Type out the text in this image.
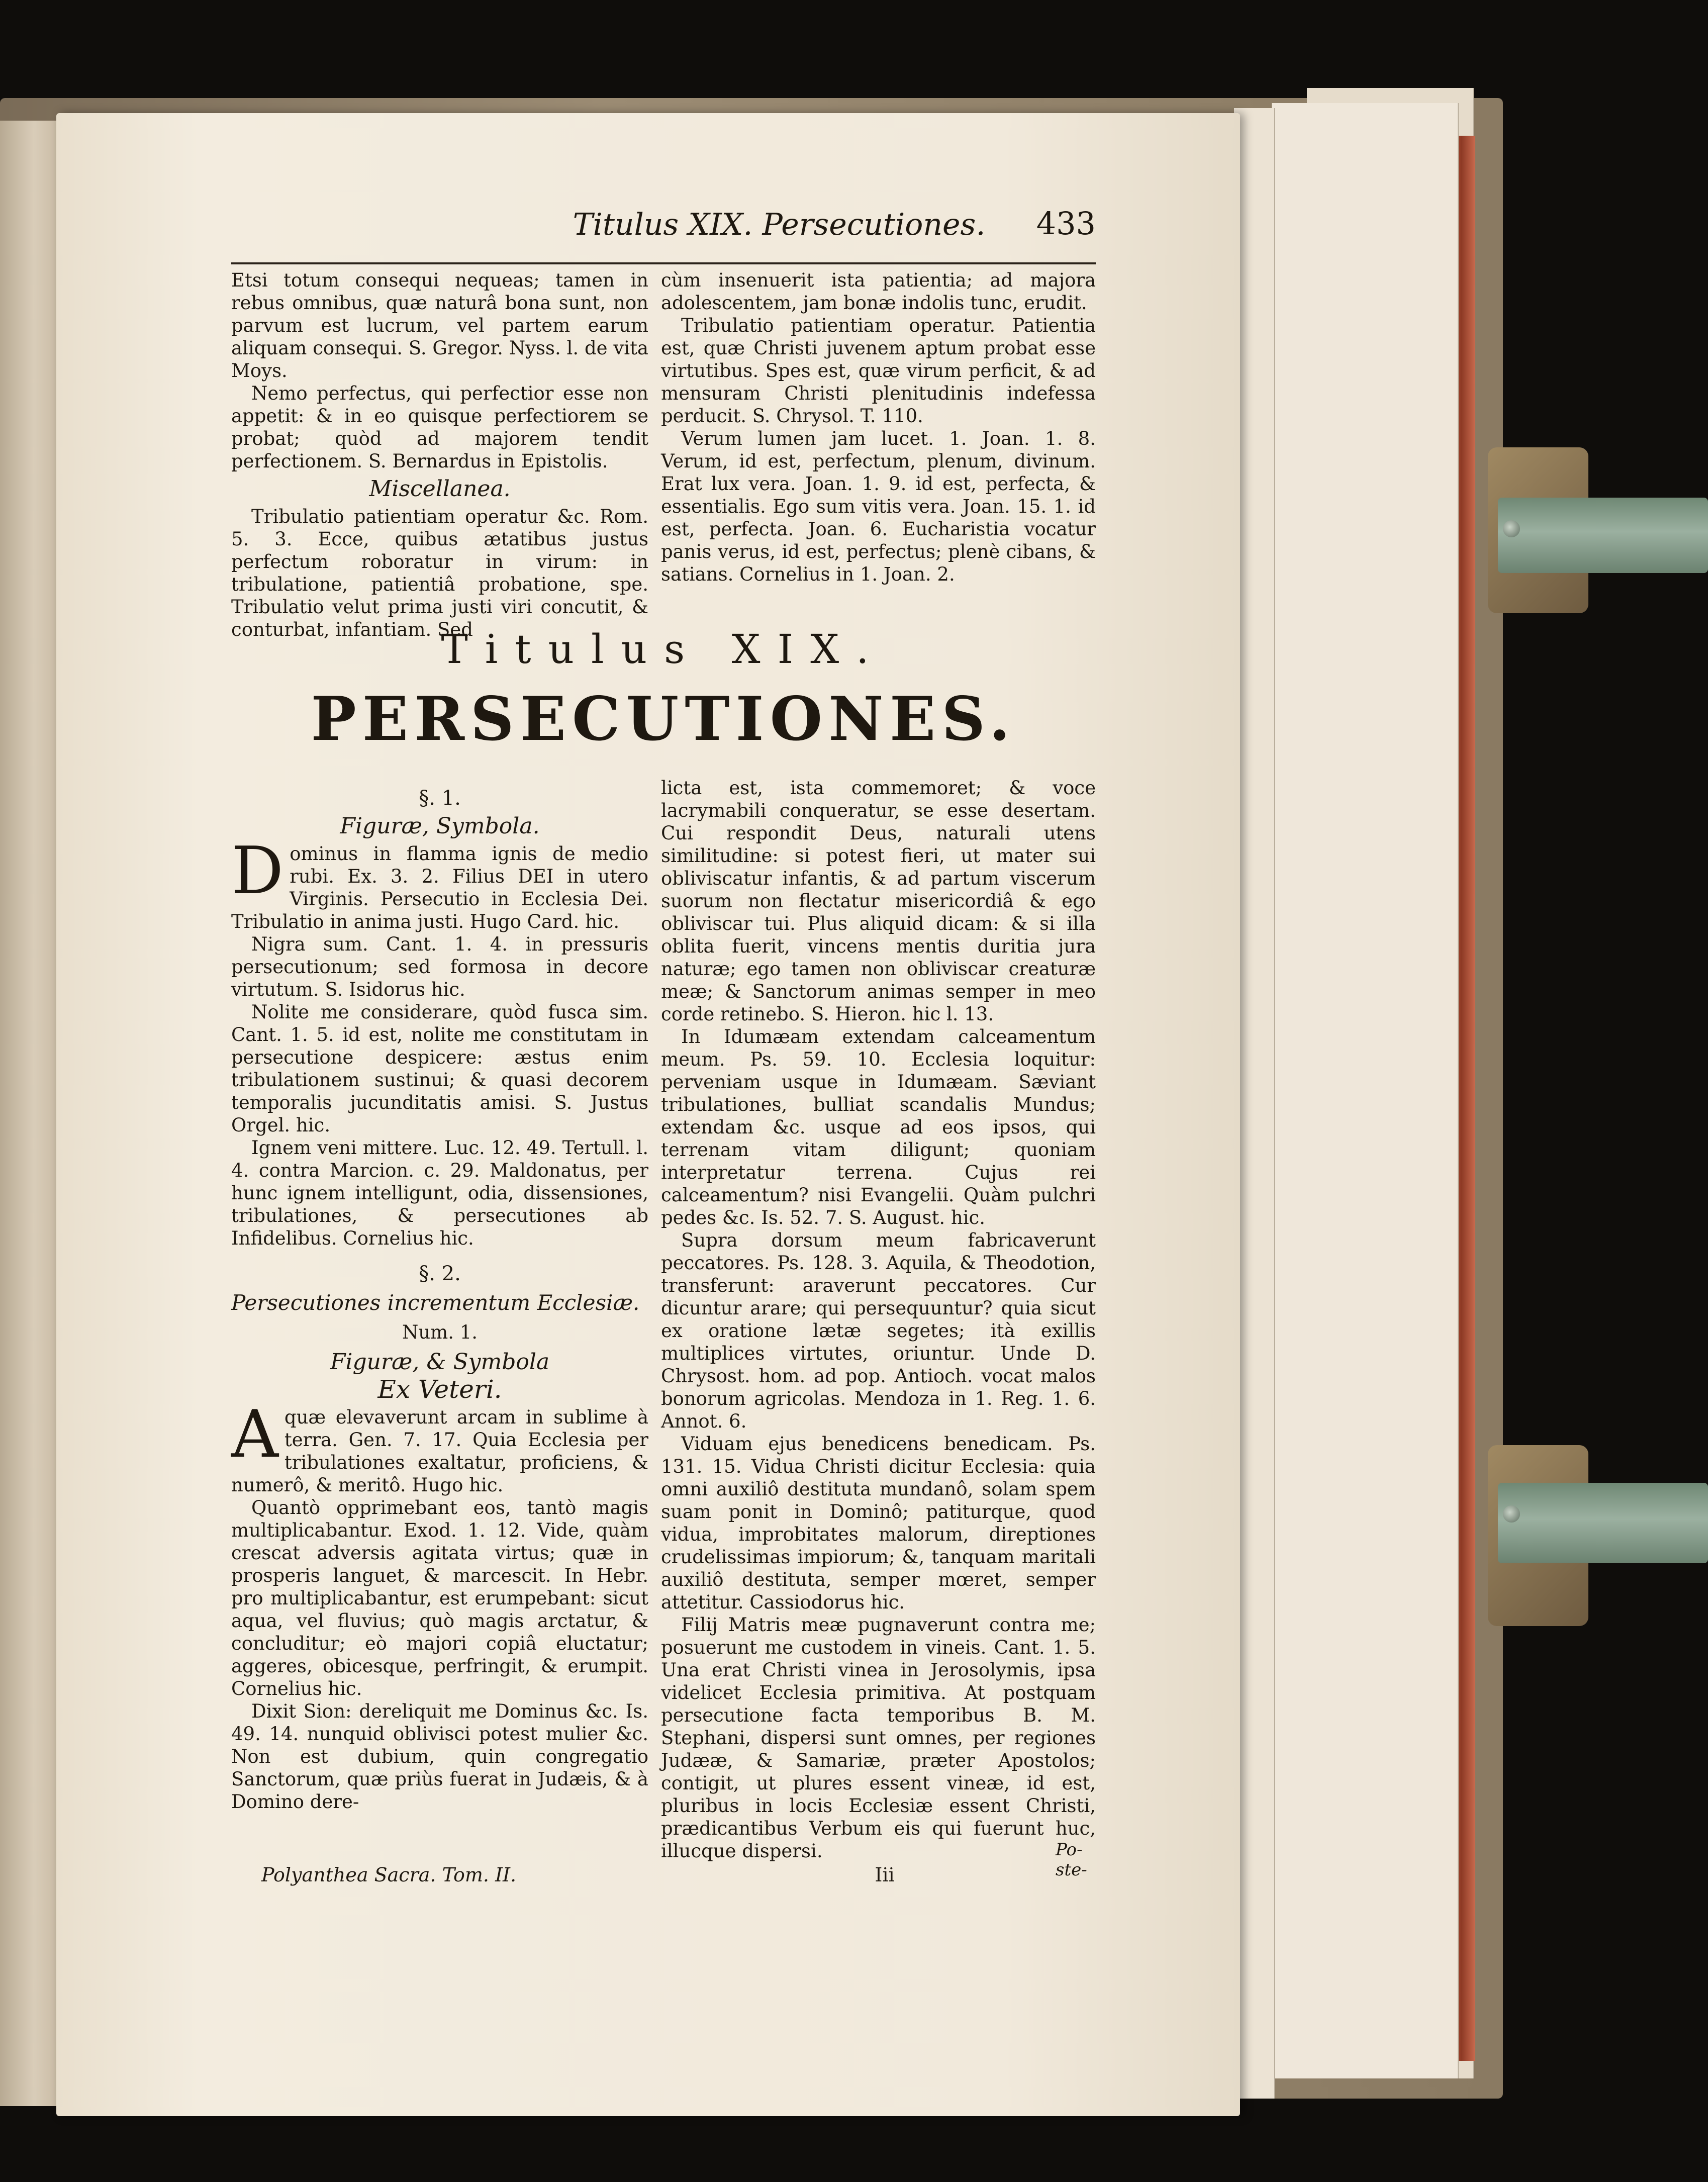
Titulus XIX. Persecutiones.	433

Etsi totum consequi nequeas; tamen in rebus omnibus, quæ naturâ bona sunt, non parvum est lucrum, vel partem earum aliquam consequi. S. Gregor. Nyss. l. de vita Moys.

Nemo perfectus, qui perfectior esse non appetit: & in eo quisque perfectiorem se probat; quòd ad majorem tendit perfectionem. S. Bernardus in Epistolis.

Miscellanea.

Tribulatio patientiam operatur &c. Rom. 5. 3. Ecce, quibus ætatibus justus perfectum roboratur in virum: in tribulatione, patientiâ probatione, spe. Tribulatio velut prima justi viri concutit, & conturbat, infantiam. Sed

cùm insenuerit ista patientia; ad majora adolescentem, jam bonæ indolis tunc, erudit.

Tribulatio patientiam operatur. Patientia est, quæ Christi juvenem aptum probat esse virtutibus. Spes est, quæ virum perficit, & ad mensuram Christi plenitudinis indefessa perducit. S. Chrysol. T. 110.

Verum lumen jam lucet. 1. Joan. 1. 8. Verum, id est, perfectum, plenum, divinum. Erat lux vera. Joan. 1. 9. id est, perfecta, & essentialis. Ego sum vitis vera. Joan. 15. 1. id est, perfecta. Joan. 6. Eucharistia vocatur panis verus, id est, perfectus; plenè cibans, & satians. Cornelius in 1. Joan. 2.

Titulus XIX.
PERSECUTIONES.
§. 1.
Figuræ, Symbola.

Dominus in flamma ignis de medio rubi. Ex. 3. 2. Filius DEI in utero Virginis. Persecutio in Ecclesia Dei. Tribulatio in anima justi. Hugo Card. hic.

Nigra sum. Cant. 1. 4. in pressuris persecutionum; sed formosa in decore virtutum. S. Isidorus hic.

Nolite me considerare, quòd fusca sim. Cant. 1. 5. id est, nolite me constitutam in persecutione despicere: æstus enim tribulationem sustinui; & quasi decorem temporalis jucunditatis amisi. S. Justus Orgel. hic.

Ignem veni mittere. Luc. 12. 49. Tertull. l. 4. contra Marcion. c. 29. Maldonatus, per hunc ignem intelligunt, odia, dissensiones, tribulationes, & persecutiones ab Infidelibus. Cornelius hic.

§. 2.
Persecutiones incrementum Ecclesiæ.
Num. 1.
Figuræ, & Symbola
Ex Veteri.

Aquæ elevaverunt arcam in sublime à terra. Gen. 7. 17. Quia Ecclesia per tribulationes exaltatur, proficiens, & numerô, & meritô. Hugo hic.

Quantò opprimebant eos, tantò magis multiplicabantur. Exod. 1. 12. Vide, quàm crescat adversis agitata virtus; quæ in prosperis languet, & marcescit. In Hebr. pro multiplicabantur, est erumpebant: sicut aqua, vel fluvius; quò magis arctatur, & concluditur; eò majori copiâ eluctatur; aggeres, obicesque, perfringit, & erumpit. Cornelius hic.

Dixit Sion: dereliquit me Dominus &c. Is. 49. 14. nunquid oblivisci potest mulier &c. Non est dubium, quin congregatio Sanctorum, quæ priùs fuerat in Judæis, & à Domino dere-

licta est, ista commemoret; & voce lacrymabili conqueratur, se esse desertam. Cui respondit Deus, naturali utens similitudine: si potest fieri, ut mater sui obliviscatur infantis, & ad partum viscerum suorum non flectatur misericordiâ & ego obliviscar tui. Plus aliquid dicam: & si illa oblita fuerit, vincens mentis duritia jura naturæ; ego tamen non obliviscar creaturæ meæ; & Sanctorum animas semper in meo corde retinebo. S. Hieron. hic l. 13.

In Idumæam extendam calceamentum meum. Ps. 59. 10. Ecclesia loquitur: perveniam usque in Idumæam. Sæviant tribulationes, bulliat scandalis Mundus; extendam &c. usque ad eos ipsos, qui terrenam vitam diligunt; quoniam interpretatur terrena. Cujus rei calceamentum? nisi Evangelii. Quàm pulchri pedes &c. Is. 52. 7. S. August. hic.

Supra dorsum meum fabricaverunt peccatores. Ps. 128. 3. Aquila, & Theodotion, transferunt: araverunt peccatores. Cur dicuntur arare; qui persequuntur? quia sicut ex oratione lætæ segetes; ità exillis multiplices virtutes, oriuntur. Unde D. Chrysost. hom. ad pop. Antioch. vocat malos bonorum agricolas. Mendoza in 1. Reg. 1. 6. Annot. 6.

Viduam ejus benedicens benedicam. Ps. 131. 15. Vidua Christi dicitur Ecclesia: quia omni auxiliô destituta mundanô, solam spem suam ponit in Dominô; patiturque, quod vidua, improbitates malorum, direptiones crudelissimas impiorum; &, tanquam maritali auxiliô destituta, semper mœret, semper attetitur. Cassiodorus hic.

Filij Matris meæ pugnaverunt contra me; posuerunt me custodem in vineis. Cant. 1. 5. Una erat Christi vinea in Jerosolymis, ipsa videlicet Ecclesia primitiva. At postquam persecutione facta temporibus B. M. Stephani, dispersi sunt omnes, per regiones Judææ, & Samariæ, præter Apostolos; contigit, ut plures essent vineæ, id est, pluribus in locis Ecclesiæ essent Christi, prædicantibus Verbum eis qui fuerunt huc, illucque dispersi.

Polyanthea Sacra. Tom. II.	Iii
Po-
ste-
